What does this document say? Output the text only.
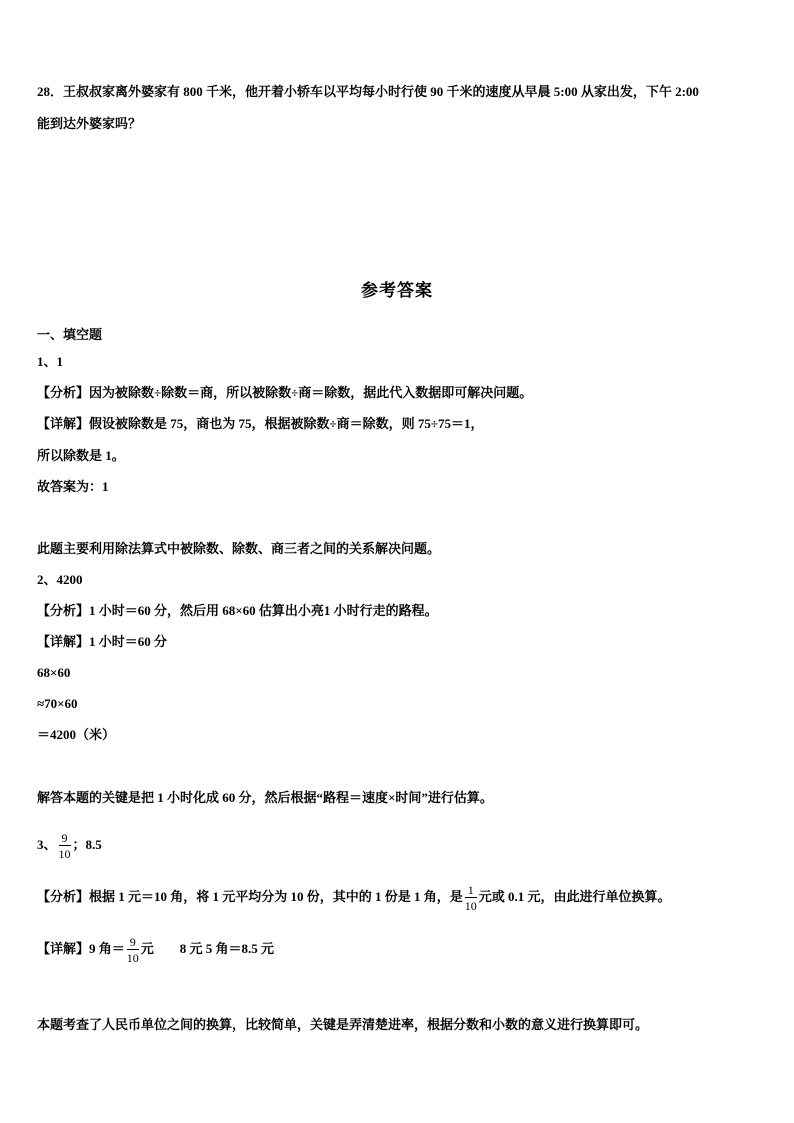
28．王叔叔家离外婆家有 800 千米，他开着小轿车以平均每小时行使 90 千米的速度从早晨 5:00 从家出发，下午 2:00
能到达外婆家吗？
参考答案
一、填空题
1、1
【分析】因为被除数÷除数＝商，所以被除数÷商＝除数，据此代入数据即可解决问题。
【详解】假设被除数是 75，商也为 75，根据被除数÷商＝除数，则 75÷75＝1，
所以除数是 1。
故答案为：1
此题主要利用除法算式中被除数、除数、商三者之间的关系解决问题。
2、4200
【分析】1 小时＝60 分，然后用 68×60 估算出小亮1 小时行走的路程。
【详解】1 小时＝60 分
68×60
≈70×60
＝4200（米）
解答本题的关键是把 1 小时化成 60 分，然后根据“路程＝速度×时间”进行估算。
3、 $\frac{9}{10}$ ；8.5
【分析】根据 1 元＝10 角，将 1 元平均分为 10 份，其中的 1 份是 1 角，是 $\frac{1}{10}$ 元或 0.1 元，由此进行单位换算。
【详解】9 角＝ $\frac{9}{10}$ 元　　8 元 5 角＝8.5 元
本题考查了人民币单位之间的换算，比较简单，关键是弄清楚进率，根据分数和小数的意义进行换算即可。
